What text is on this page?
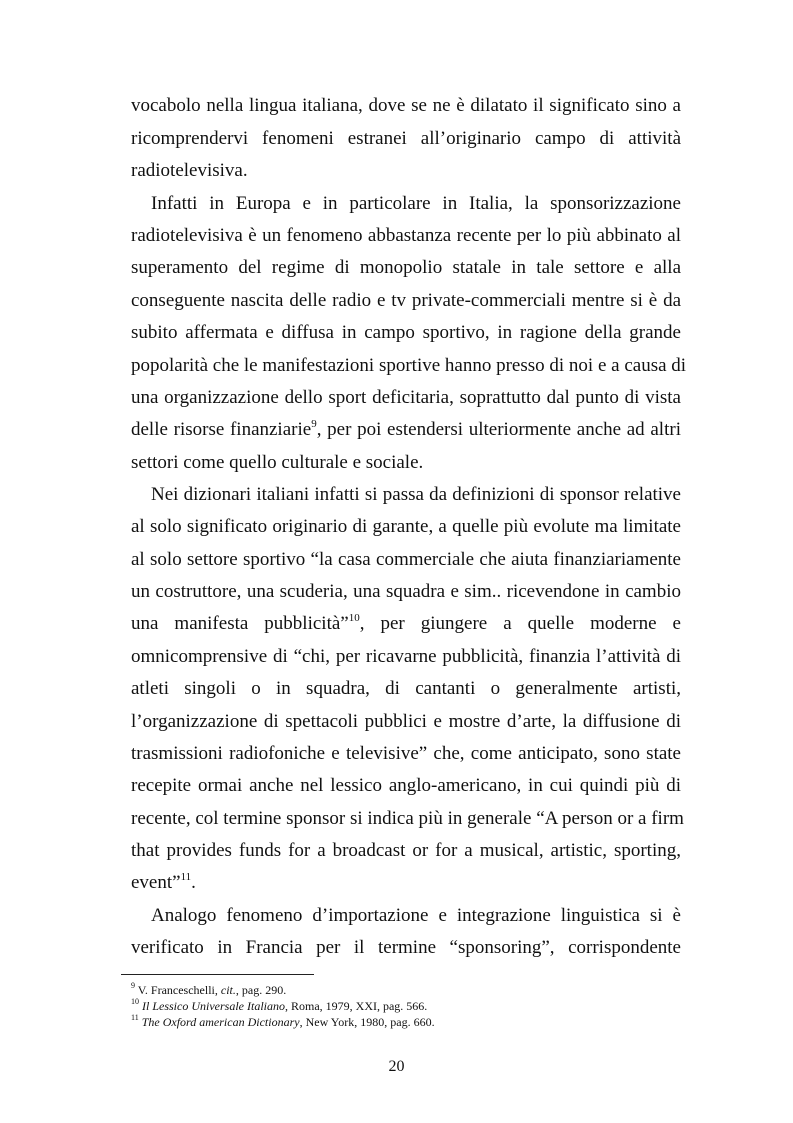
vocabolo nella lingua italiana, dove se ne è dilatato il significato sino a
ricomprendervi fenomeni estranei all’originario campo di attività
radiotelevisiva.
Infatti in Europa e in particolare in Italia, la sponsorizzazione
radiotelevisiva è un fenomeno abbastanza recente per lo più abbinato al
superamento del regime di monopolio statale in tale settore e alla
conseguente nascita delle radio e tv private-commerciali mentre si è da
subito affermata e diffusa in campo sportivo, in ragione della grande
popolarità che le manifestazioni sportive hanno presso di noi e a causa di
una organizzazione dello sport deficitaria, soprattutto dal punto di vista
delle risorse finanziarie$^9$, per poi estendersi ulteriormente anche ad altri
settori come quello culturale e sociale.
Nei dizionari italiani infatti si passa da definizioni di sponsor relative
al solo significato originario di garante, a quelle più evolute ma limitate
al solo settore sportivo “la casa commerciale che aiuta finanziariamente
un costruttore, una scuderia, una squadra e sim.. ricevendone in cambio
una manifesta pubblicità”$^{10}$, per giungere a quelle moderne e
omnicomprensive di “chi, per ricavarne pubblicità, finanzia l’attività di
atleti singoli o in squadra, di cantanti o generalmente artisti,
l’organizzazione di spettacoli pubblici e mostre d’arte, la diffusione di
trasmissioni radiofoniche e televisive” che, come anticipato, sono state
recepite ormai anche nel lessico anglo-americano, in cui quindi più di
recente, col termine sponsor si indica più in generale “A person or a firm
that provides funds for a broadcast or for a musical, artistic, sporting,
event”$^{11}$.
Analogo fenomeno d’importazione e integrazione linguistica si è
verificato in Francia per il termine “sponsoring”, corrispondente
$^9$ V. Franceschelli, cit., pag. 290.
$^{10}$ Il Lessico Universale Italiano, Roma, 1979, XXI, pag. 566.
$^{11}$ The Oxford american Dictionary, New York, 1980, pag. 660.
20
